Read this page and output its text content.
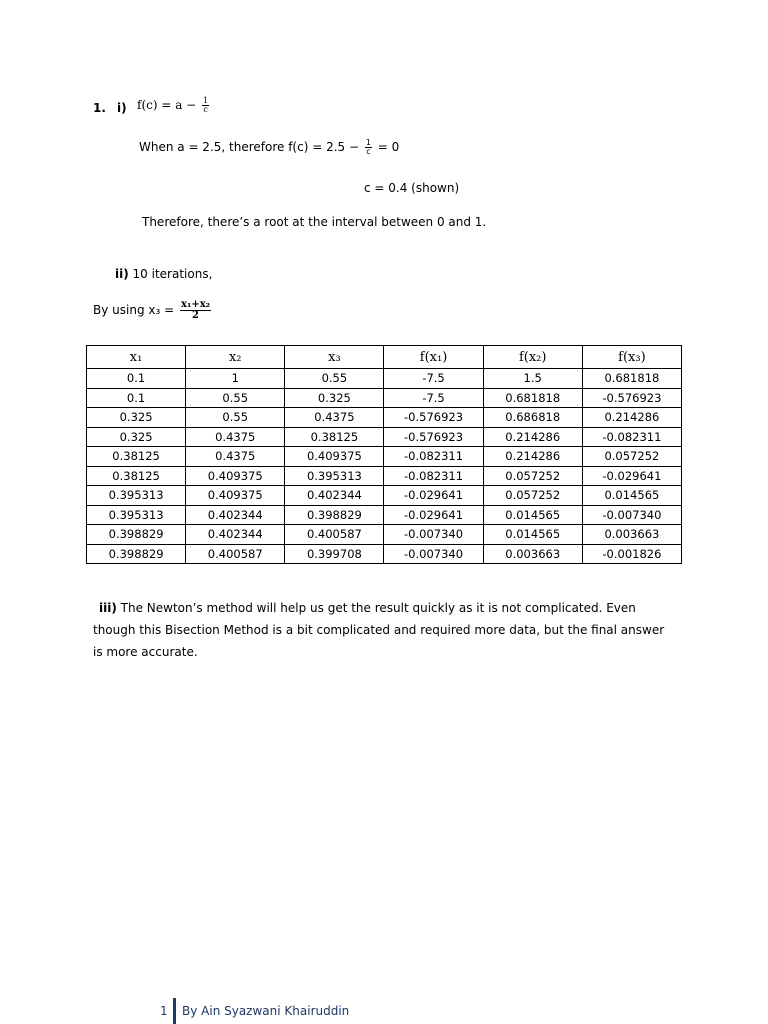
1. i) $f(c) = a - \frac{1}{c}$
When a = 2.5, therefore $f(c) = 2.5 - \frac{1}{c} = 0$
c = 0.4 (shown)
Therefore, there’s a root at the interval between 0 and 1.
ii) 10 iterations,
By using $x_3 = \frac{\text{x₁+x₂}}{2}$
x₁	x₂	x₃	f(x₁)	f(x₂)	f(x₃)
0.1	1	0.55	-7.5	1.5	0.681818
0.1	0.55	0.325	-7.5	0.681818	-0.576923
0.325	0.55	0.4375	-0.576923	0.686818	0.214286
0.325	0.4375	0.38125	-0.576923	0.214286	-0.082311
0.38125	0.4375	0.409375	-0.082311	0.214286	0.057252
0.38125	0.409375	0.395313	-0.082311	0.057252	-0.029641
0.395313	0.409375	0.402344	-0.029641	0.057252	0.014565
0.395313	0.402344	0.398829	-0.029641	0.014565	-0.007340
0.398829	0.402344	0.400587	-0.007340	0.014565	0.003663
0.398829	0.400587	0.399708	-0.007340	0.003663	-0.001826
iii) The Newton’s method will help us get the result quickly as it is not complicated. Even though this Bisection Method is a bit complicated and required more data, but the final answer is more accurate.
1 By Ain Syazwani Khairuddin
